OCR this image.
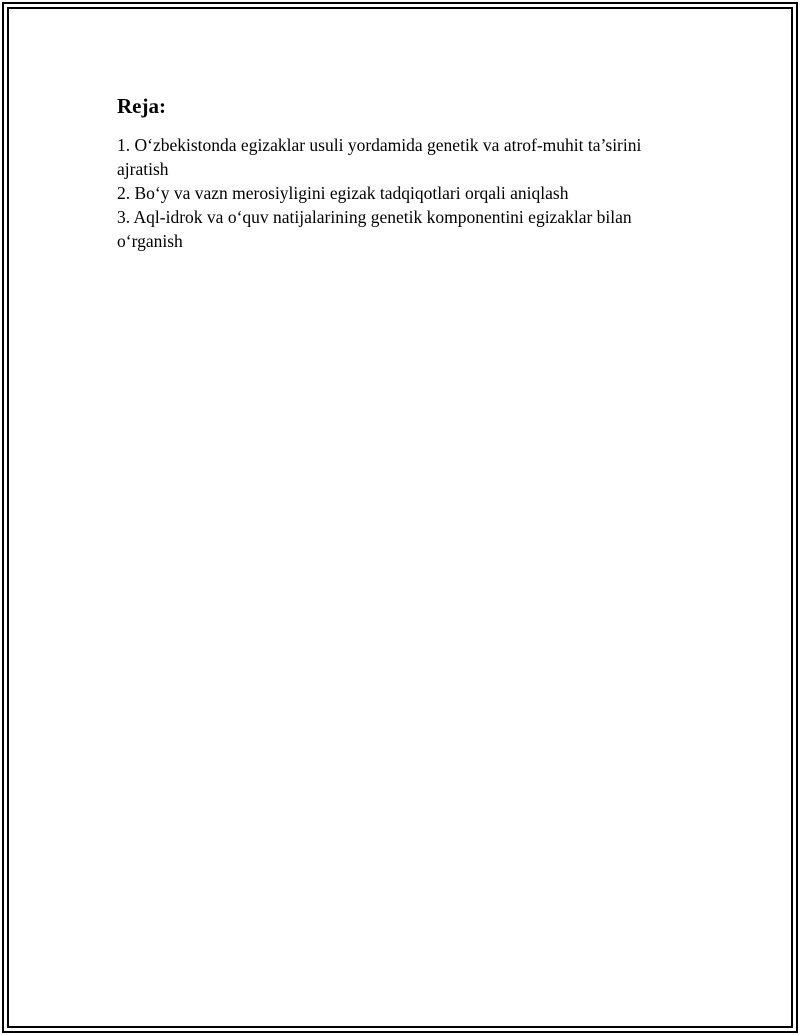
Reja:
1. O‘zbekistonda egizaklar usuli yordamida genetik va atrof-muhit ta’sirini ajratish
2. Bo‘y va vazn merosiyligini egizak tadqiqotlari orqali aniqlash
3. Aql-idrok va o‘quv natijalarining genetik komponentini egizaklar bilan o‘rganish
